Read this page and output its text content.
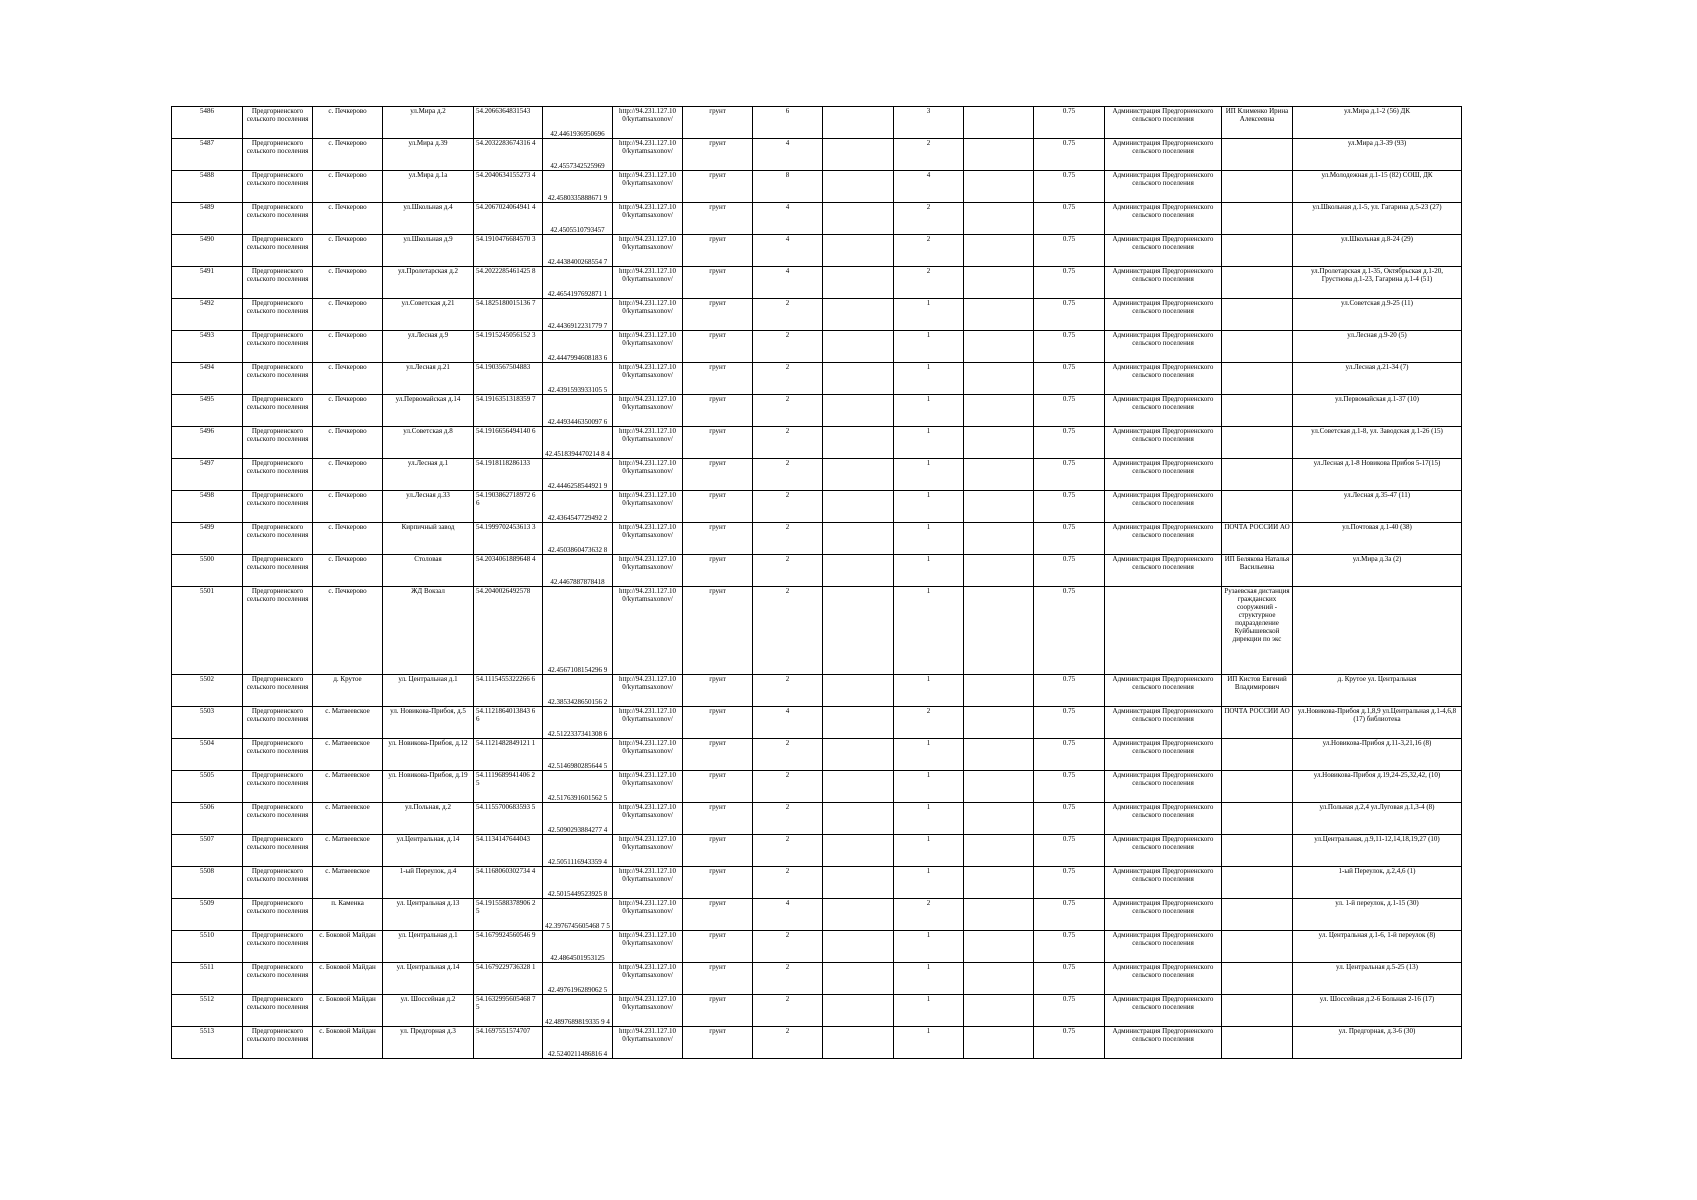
5486	Предгорненского сельского поселения	с. Печкерово	ул.Мира д.2	54.2066364831543	42.4461936950696	http://94.231.127.10 0/kyrtamsaxonov/	грунт	6		3		0.75	Администрация Предгорненского сельского поселения	ИП Клименко Ирина Алексеевна	ул.Мира д.1-2 (56) ДК
5487	Предгорненского сельского поселения	с. Печкерово	ул.Мира д.39	54.2032283674316 4	42.4557342525969	http://94.231.127.10 0/kyrtamsaxonov/	грунт	4		2		0.75	Администрация Предгорненского сельского поселения		ул.Мира д.3-39 (93)
5488	Предгорненского сельского поселения	с. Печкерово	ул.Мира д.1а	54.2040634155273 4	42.4580335888671 9	http://94.231.127.10 0/kyrtamsaxonov/	грунт	8		4		0.75	Администрация Предгорненского сельского поселения		ул.Молодежная д.1-15 (82) СОШ, ДК
5489	Предгорненского сельского поселения	с. Печкерово	ул.Школьная д.4	54.2067024064941 4	42.4505510793457	http://94.231.127.10 0/kyrtamsaxonov/	грунт	4		2		0.75	Администрация Предгорненского сельского поселения		ул.Школьная д.1-5, ул. Гагарина д.5-23 (27)
5490	Предгорненского сельского поселения	с. Печкерово	ул.Школьная д.9	54.1910476684570 3	42.4438400268554 7	http://94.231.127.10 0/kyrtamsaxonov/	грунт	4		2		0.75	Администрация Предгорненского сельского поселения		ул.Школьная д.8-24 (29)
5491	Предгорненского сельского поселения	с. Печкерово	ул.Пролетарская д.2	54.2022285461425 8	42.4654197692871 1	http://94.231.127.10 0/kyrtamsaxonov/	грунт	4		2		0.75	Администрация Предгорненского сельского поселения		ул.Пролетарская д.1-35, Октябрьская д.1-20, Грустнова д.1-23, Гагарина д.1-4 (51)
5492	Предгорненского сельского поселения	с. Печкерово	ул.Советская д.21	54.1825180015136 7	42.4436912231779 7	http://94.231.127.10 0/kyrtamsaxonov/	грунт	2		1		0.75	Администрация Предгорненского сельского поселения		ул.Советская д.9-25 (11)
5493	Предгорненского сельского поселения	с. Печкерово	ул.Лесная д.9	54.1915245056152 3	42.4447994608183 6	http://94.231.127.10 0/kyrtamsaxonov/	грунт	2		1		0.75	Администрация Предгорненского сельского поселения		ул.Лесная д.9-20 (5)
5494	Предгорненского сельского поселения	с. Печкерово	ул.Лесная д.21	54.1903567504883	42.4391593933105 5	http://94.231.127.10 0/kyrtamsaxonov/	грунт	2		1		0.75	Администрация Предгорненского сельского поселения		ул.Лесная д.21-34 (7)
5495	Предгорненского сельского поселения	с. Печкерово	ул.Первомайская д.14	54.1916351318359 7	42.4493446350097 6	http://94.231.127.10 0/kyrtamsaxonov/	грунт	2		1		0.75	Администрация Предгорненского сельского поселения		ул.Первомайская д.1-37 (10)
5496	Предгорненского сельского поселения	с. Печкерово	ул.Советская д.8	54.1916656494140 6	42.4518394470214 8 4	http://94.231.127.10 0/kyrtamsaxonov/	грунт	2		1		0.75	Администрация Предгорненского сельского поселения		ул.Советская д.1-8, ул. Заводская д.1-26 (15)
5497	Предгорненского сельского поселения	с. Печкерово	ул.Лесная д.1	54.1918118286133	42.4446258544921 9	http://94.231.127.10 0/kyrtamsaxonov/	грунт	2		1		0.75	Администрация Предгорненского сельского поселения		ул.Лесная д.1-8 Новикова Прибоя 5-17(15)
5498	Предгорненского сельского поселения	с. Печкерово	ул.Лесная д.33	54.1903862718972 6 6	42.4364547729492 2	http://94.231.127.10 0/kyrtamsaxonov/	грунт	2		1		0.75	Администрация Предгорненского сельского поселения		ул.Лесная д.35-47 (11)
5499	Предгорненского сельского поселения	с. Печкерово	Кирпичный завод	54.1999702453613 3	42.4503860473632 8	http://94.231.127.10 0/kyrtamsaxonov/	грунт	2		1		0.75	Администрация Предгорненского сельского поселения	ПОЧТА РОССИИ АО	ул.Почтовая д.1-40 (38)
5500	Предгорненского сельского поселения	с. Печкерово	Столовая	54.2034061889648 4	42.4467887878418	http://94.231.127.10 0/kyrtamsaxonov/	грунт	2		1		0.75	Администрация Предгорненского сельского поселения	ИП Белякова Наталья Васильевна	ул.Мира д.3а (2)
5501	Предгорненского сельского поселения	с. Печкерово	ЖД Вокзал	54.2040026492578	42.4567108154296 9	http://94.231.127.10 0/kyrtamsaxonov/	грунт	2		1		0.75		Рузаевская дистанция гражданских сооружений - структурное подразделение Куйбышевской дирекции по экс	
5502	Предгорненского сельского поселения	д. Крутое	ул. Центральная д.1	54.1115455322266 6	42.3853428650156 2	http://94.231.127.10 0/kyrtamsaxonov/	грунт	2		1		0.75	Администрация Предгорненского сельского поселения	ИП Кистов Евгений Владимирович	д. Крутое ул. Центральная
5503	Предгорненского сельского поселения	с. Матвеевское	ул. Новикова-Прибоя, д.5	54.1121864013843 6 6	42.5122337341308 6	http://94.231.127.10 0/kyrtamsaxonov/	грунт	4		2		0.75	Администрация Предгорненского сельского поселения	ПОЧТА РОССИИ АО	ул.Новикова-Прибоя д.1,8,9 ул.Центральная д.1-4,6,8 (17) библиотека
5504	Предгорненского сельского поселения	с. Матвеевское	ул. Новикова-Прибоя, д.12	54.1121482849121 1	42.5146980285644 5	http://94.231.127.10 0/kyrtamsaxonov/	грунт	2		1		0.75	Администрация Предгорненского сельского поселения		ул.Новикова-Прибоя д.11-3,21,16 (8)
5505	Предгорненского сельского поселения	с. Матвеевское	ул. Новикова-Прибоя, д.19	54.1119689941406 2 5	42.5176391601562 5	http://94.231.127.10 0/kyrtamsaxonov/	грунт	2		1		0.75	Администрация Предгорненского сельского поселения		ул.Новикова-Прибоя д.19,24-25,32,42, (10)
5506	Предгорненского сельского поселения	с. Матвеевское	ул.Польная, д.2	54.1155700683593 5	42.5090293884277 4	http://94.231.127.10 0/kyrtamsaxonov/	грунт	2		1		0.75	Администрация Предгорненского сельского поселения		ул.Польная д.2,4 ул.Луговая д.1,3-4 (8)
5507	Предгорненского сельского поселения	с. Матвеевское	ул.Центральная, д.14	54.1134147644043	42.5051116943359 4	http://94.231.127.10 0/kyrtamsaxonov/	грунт	2		1		0.75	Администрация Предгорненского сельского поселения		ул.Центральная, д.9,11-12,14,18,19,27 (10)
5508	Предгорненского сельского поселения	с. Матвеевское	1-ый Переулок, д.4	54.1168060302734 4	42.5015449523925 8	http://94.231.127.10 0/kyrtamsaxonov/	грунт	2		1		0.75	Администрация Предгорненского сельского поселения		1-ый Переулок, д.2,4,6 (1)
5509	Предгорненского сельского поселения	п. Каменка	ул. Центральная д.13	54.1915588378906 2 5	42.3976745605468 7 5	http://94.231.127.10 0/kyrtamsaxonov/	грунт	4		2		0.75	Администрация Предгорненского сельского поселения		ул. 1-й переулок, д.1-15 (30)
5510	Предгорненского сельского поселения	с. Боковой Майдан	ул. Центральная д.1	54.1679924560546 9	42.4864501953125	http://94.231.127.10 0/kyrtamsaxonov/	грунт	2		1		0.75	Администрация Предгорненского сельского поселения		ул. Центральная д.1-6, 1-й переулок (8)
5511	Предгорненского сельского поселения	с. Боковой Майдан	ул. Центральная д.14	54.1679229736328 1	42.4976196289062 5	http://94.231.127.10 0/kyrtamsaxonov/	грунт	2		1		0.75	Администрация Предгорненского сельского поселения		ул. Центральная д.5-25 (13)
5512	Предгорненского сельского поселения	с. Боковой Майдан	ул. Шоссейная д.2	54.1632995605468 7 5	42.4897689819335 9 4	http://94.231.127.10 0/kyrtamsaxonov/	грунт	2		1		0.75	Администрация Предгорненского сельского поселения		ул. Шоссейная д.2-6 Больная 2-16 (17)
5513	Предгорненского сельского поселения	с. Боковой Майдан	ул. Предгорная д.3	54.1697551574707	42.5240211486816 4	http://94.231.127.10 0/kyrtamsaxonov/	грунт	2		1		0.75	Администрация Предгорненского сельского поселения		ул. Предгорная, д.3-6 (30)
